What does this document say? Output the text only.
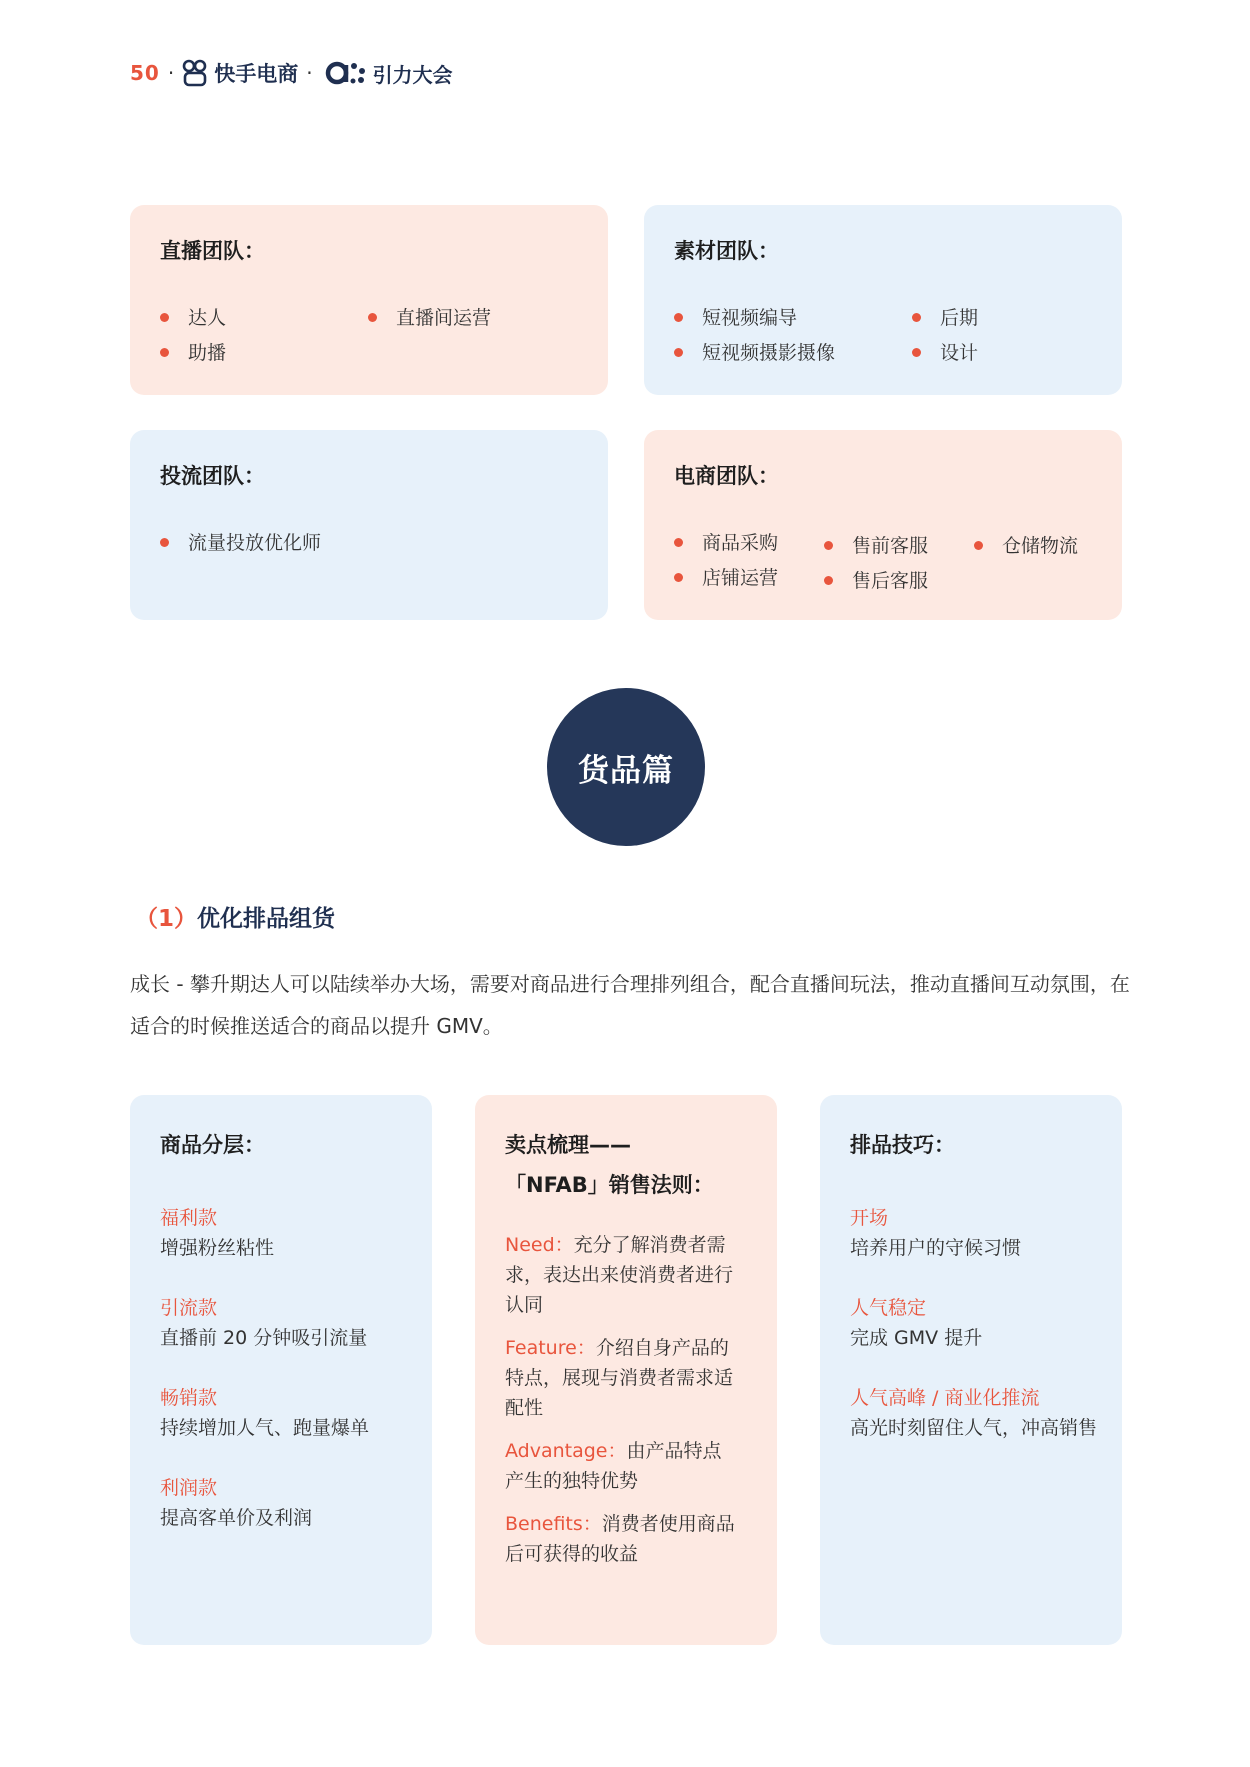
50 · 快手电商 ·	引力大会
直播团队：
达人
助播
直播间运营
素材团队：
短视频编导
短视频摄影摄像
后期
设计
投流团队：
流量投放优化师
电商团队：
商品采购
店铺运营
售前客服
售后客服
仓储物流
货品篇
（1）优化排品组货
成长 - 攀升期达人可以陆续举办大场，需要对商品进行合理排列组合，配合直播间玩法，推动直播间互动氛围，在适合的时候推送适合的商品以提升 GMV。
商品分层：
福利款
增强粉丝粘性
引流款
直播前 20 分钟吸引流量
畅销款
持续增加人气、跑量爆单
利润款
提高客单价及利润
卖点梳理——
「NFAB」销售法则：
Need：充分了解消费者需求，表达出来使消费者进行认同
Feature：介绍自身产品的特点，展现与消费者需求适配性
Advantage：由产品特点产生的独特优势
Benefits：消费者使用商品后可获得的收益
排品技巧：
开场
培养用户的守候习惯
人气稳定
完成 GMV 提升
人气高峰 / 商业化推流
高光时刻留住人气，冲高销售
